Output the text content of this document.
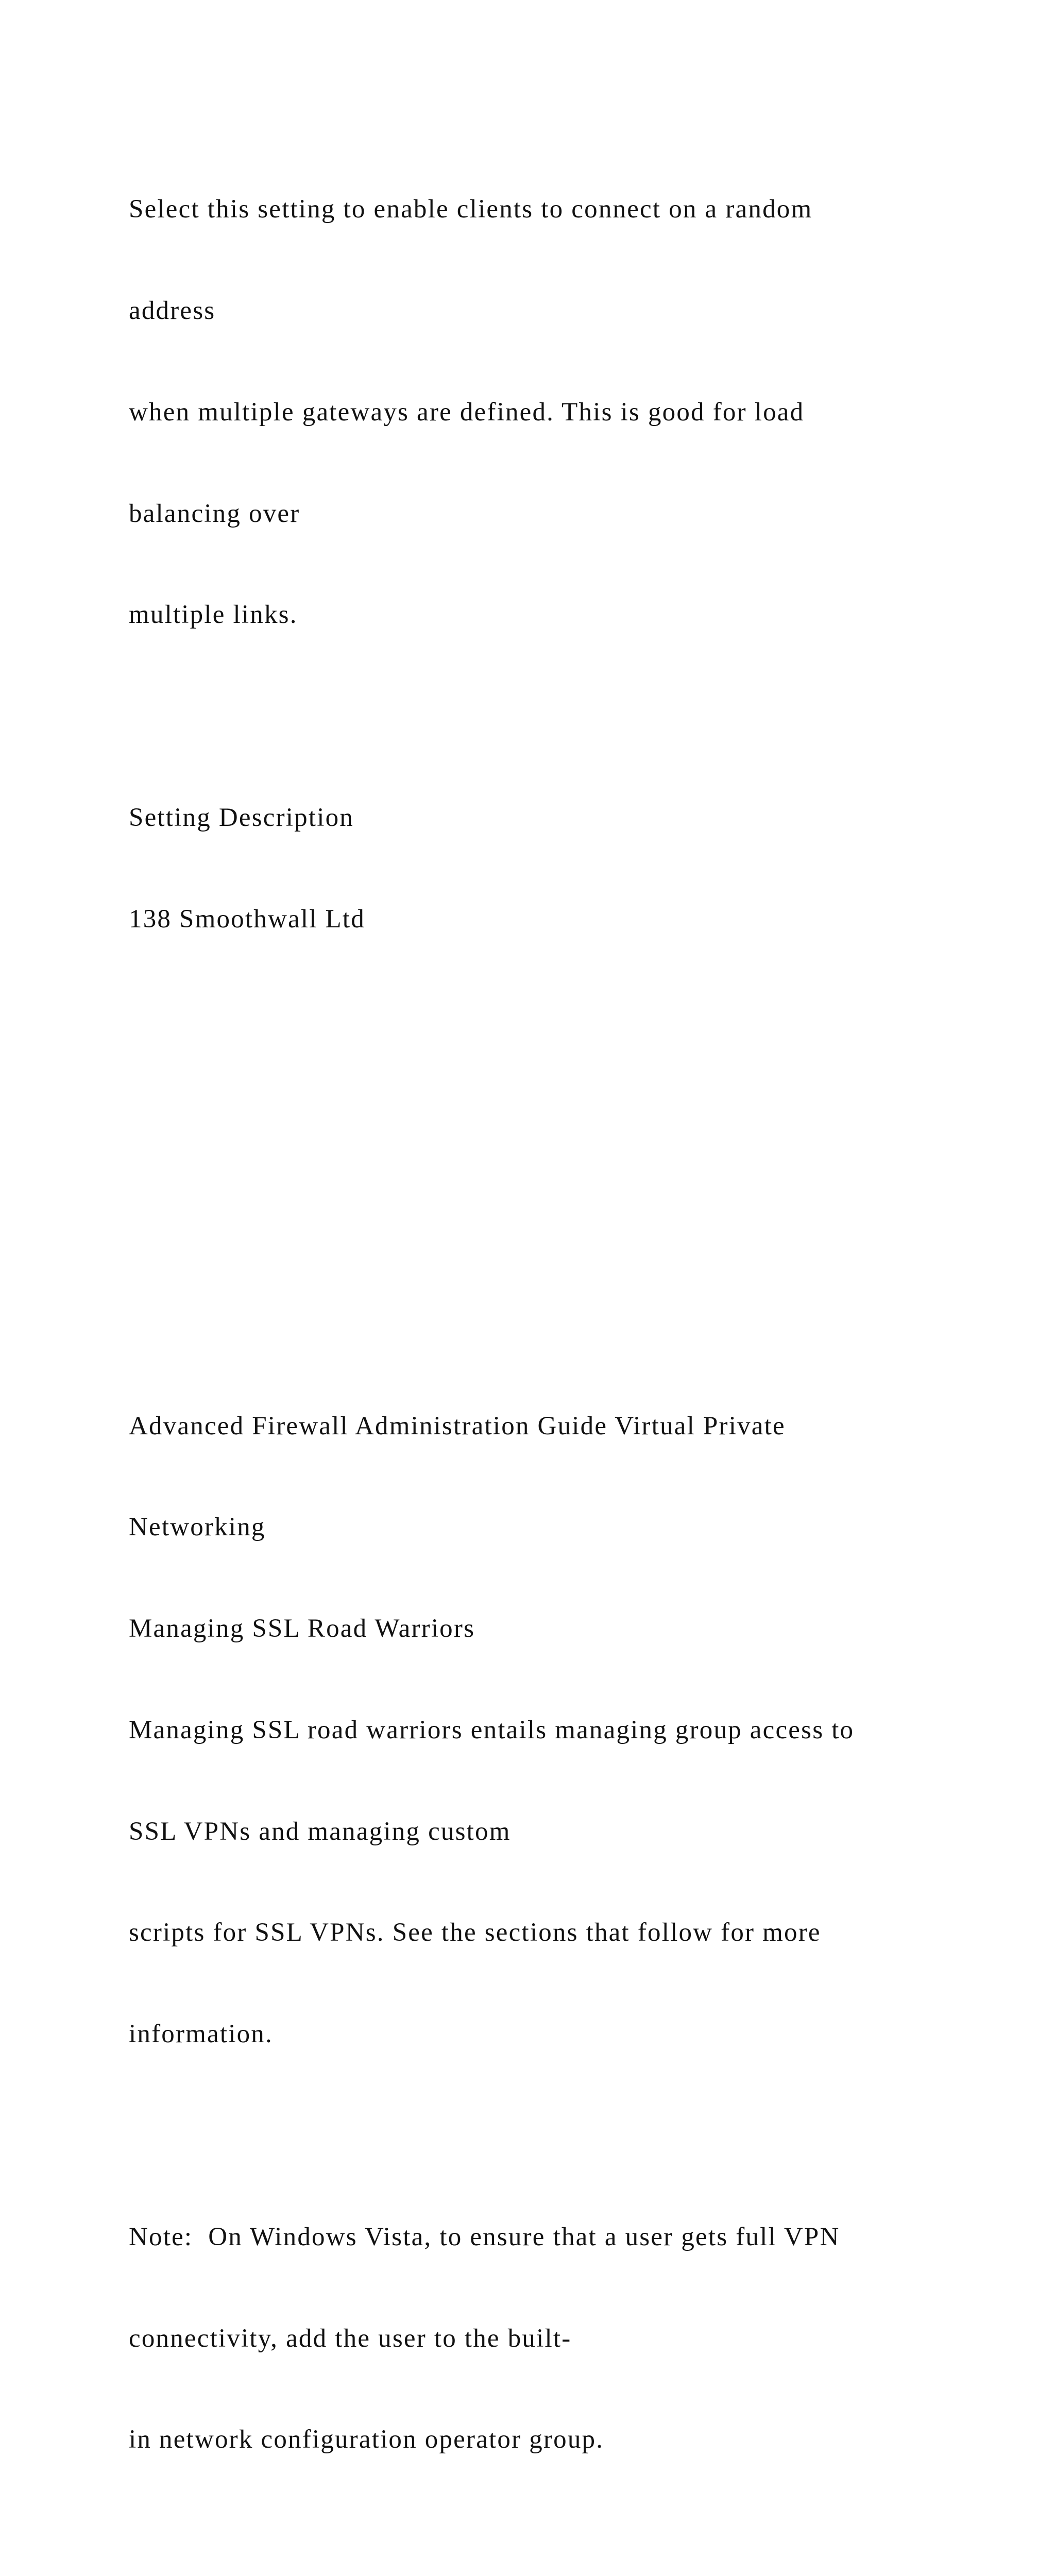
Select this setting to enable clients to connect on a random

address

when multiple gateways are defined. This is good for load

balancing over

multiple links.

Setting Description

138 Smoothwall Ltd

Advanced Firewall Administration Guide Virtual Private

Networking

Managing SSL Road Warriors

Managing SSL road warriors entails managing group access to

SSL VPNs and managing custom

scripts for SSL VPNs. See the sections that follow for more

information.

Note:  On Windows Vista, to ensure that a user gets full VPN

connectivity, add the user to the built-

in network configuration operator group.
